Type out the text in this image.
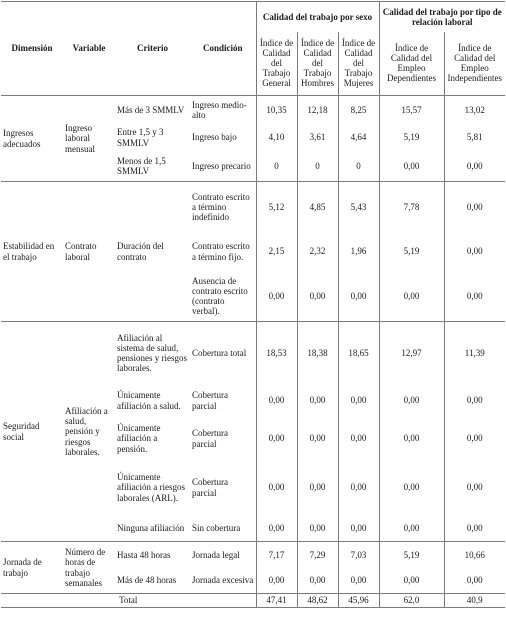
Dimensión	Variable	Criterio	Condición	Calidad del trabajo por sexo			Calidad del trabajo por tipo de relación laboral	
				Índice de Calidad del Trabajo General	Índice de Calidad del Trabajo Hombres	Índice de Calidad del Trabajo Mujeres	Índice de Calidad del Empleo Dependientes	Índice de Calidad del Empleo Independientes
Ingresos adecuados	Ingreso laboral mensual	Más de 3 SMMLV	Ingreso medio-alto	10,35	12,18	8,25	15,57	13,02
		Entre 1,5 y 3 SMMLV	Ingreso bajo	4,10	3,61	4,64	5,19	5,81
		Menos de 1,5 SMMLV	Ingreso precario	0	0	0	0,00	0,00
Estabilidad en el trabajo	Contrato laboral	Duración del contrato	Contrato escrito a término indefinido	5,12	4,85	5,43	7,78	0,00
			Contrato escrito a término fijo.	2,15	2,32	1,96	5,19	0,00
			Ausencia de contrato escrito (contrato verbal).	0,00	0,00	0,00	0,00	0,00
Seguridad social	Afiliación a salud, pensión y riesgos laborales.	Afiliación al sistema de salud, pensiones y riesgos laborales.	Cobertura total	18,53	18,38	18,65	12,97	11,39
		Únicamente afiliación a salud.	Cobertura parcial	0,00	0,00	0,00	0,00	0,00
		Únicamente afiliación a pensión.	Cobertura parcial	0,00	0,00	0,00	0,00	0,00
		Únicamente afiliación a riesgos laborales (ARL).	Cobertura parcial	0,00	0,00	0,00	0,00	0,00
		Ninguna afiliación	Sin cobertura	0,00	0,00	0,00	0,00	0,00
Jornada de trabajo	Número de horas de trabajo semanales	Hasta 48 horas	Jornada legal	7,17	7,29	7,03	5,19	10,66
		Más de 48 horas	Jornada excesiva	0,00	0,00	0,00	0,00	0,00
Total				47,41	48,62	45,96	62,0	40,9
